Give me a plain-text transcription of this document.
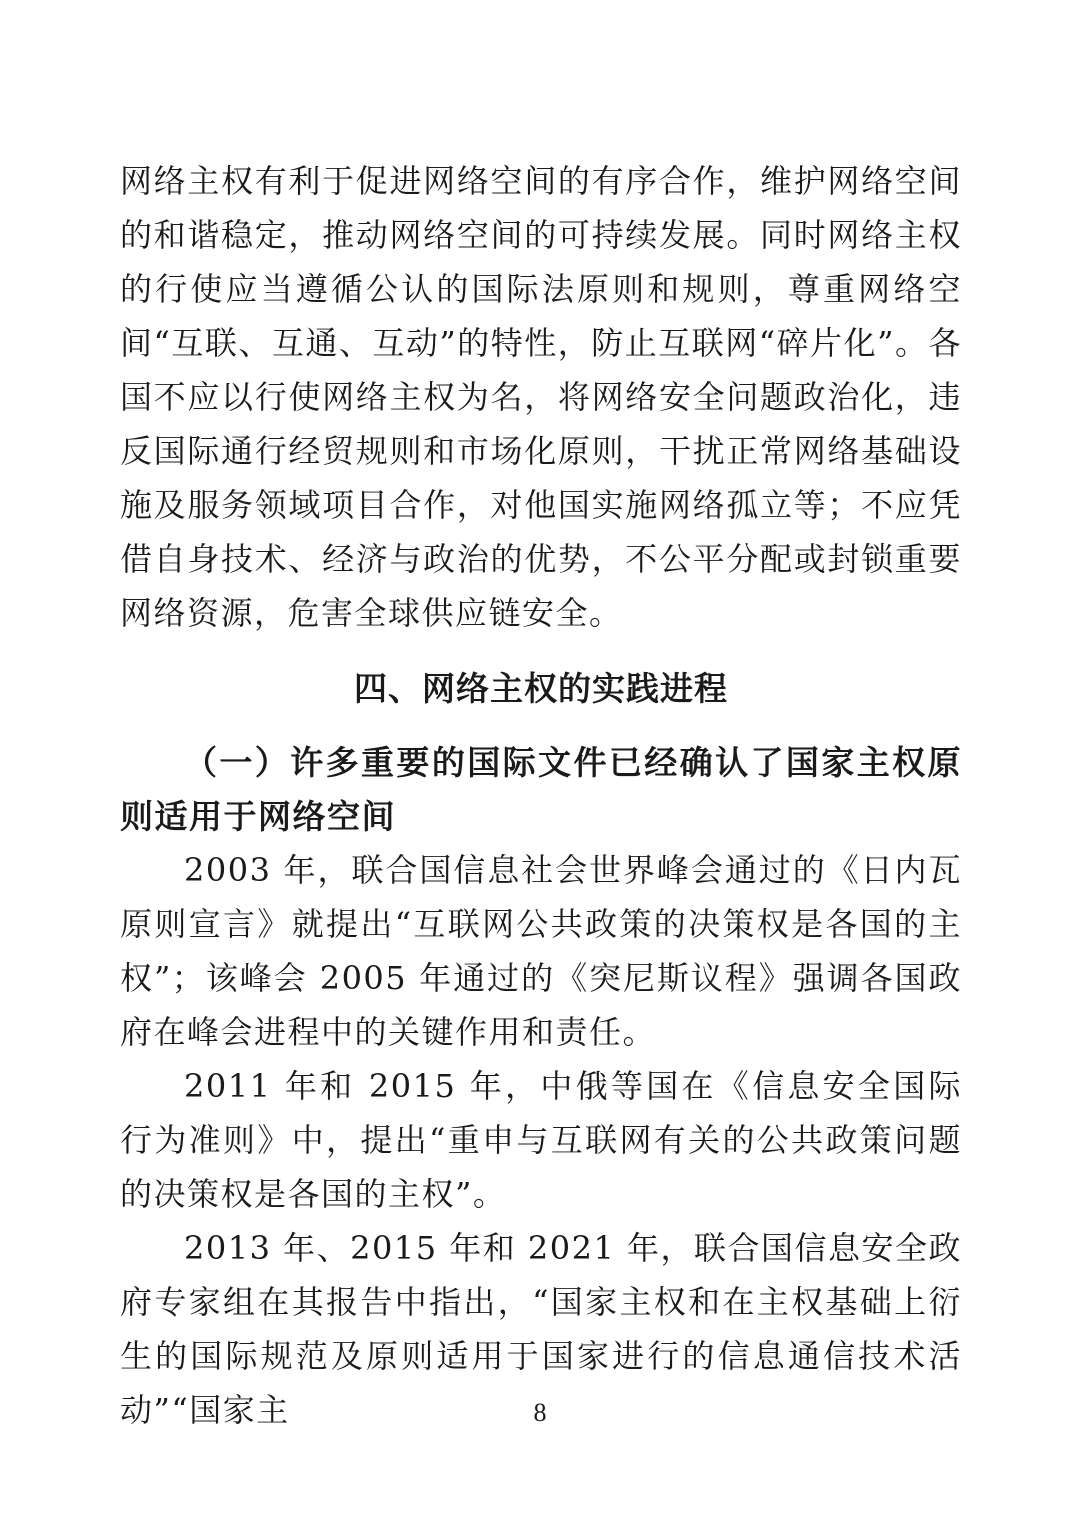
网络主权有利于促进网络空间的有序合作，维护网络空间的和谐稳定，推动网络空间的可持续发展。同时网络主权的行使应当遵循公认的国际法原则和规则，尊重网络空间“互联、互通、互动”的特性，防止互联网“碎片化”。各国不应以行使网络主权为名，将网络安全问题政治化，违反国际通行经贸规则和市场化原则，干扰正常网络基础设施及服务领域项目合作，对他国实施网络孤立等；不应凭借自身技术、经济与政治的优势，不公平分配或封锁重要网络资源，危害全球供应链安全。

四、网络主权的实践进程
（一）许多重要的国际文件已经确认了国家主权原则适用于网络空间

2003 年，联合国信息社会世界峰会通过的《日内瓦原则宣言》就提出“互联网公共政策的决策权是各国的主权”；该峰会 2005 年通过的《突尼斯议程》强调各国政府在峰会进程中的关键作用和责任。

2011 年和 2015 年，中俄等国在《信息安全国际行为准则》中，提出“重申与互联网有关的公共政策问题的决策权是各国的主权”。

2013 年、2015 年和 2021 年，联合国信息安全政府专家组在其报告中指出，“国家主权和在主权基础上衍生的国际规范及原则适用于国家进行的信息通信技术活动”“国家主	8
